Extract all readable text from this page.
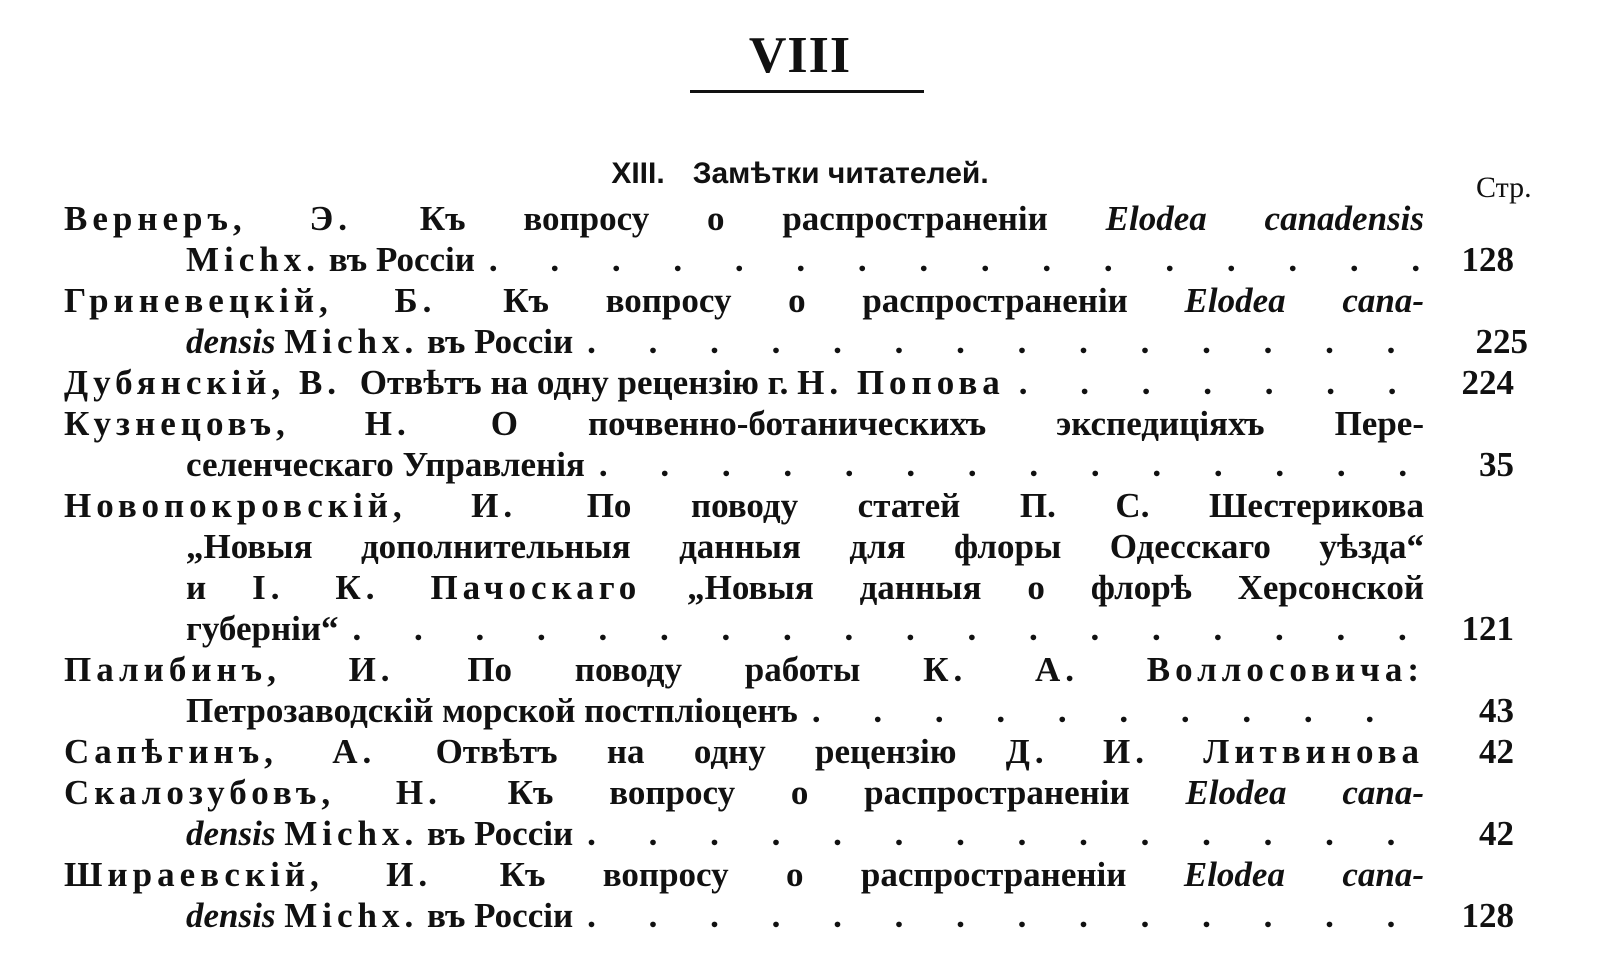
VIII
XIII. Замѣтки читателей.	Стр.
Вернеръ, Э. Къ вопросу о распространеніи Elodea canadensis
Michx. въ Россіи . . .	128
Гриневецкій, Б. Къ вопросу о распространеніи Elodea cana-
densis Michx. въ Россіи . . .	225
Дубянскій, В. Отвѣтъ на одну рецензію г. Н. Попова . . .	224
Кузнецовъ, Н. О почвенно-ботаническихъ экспедиціяхъ Пере-
селенческаго Управленія . . .	35
Новопокровскій, И. По поводу статей П. С. Шестерикова
„Новыя дополнительныя данныя для флоры Одесскаго уѣзда“
и І. К. Пачоскаго „Новыя данныя о флорѣ Херсонской
губерніи“ . . .	121
Палибинъ, И. По поводу работы К. А. Воллосовича:
Петрозаводскій морской постпліоценъ . . .	43
Сапѣгинъ, А. Отвѣтъ на одну рецензію Д. И. Литвинова	42
Скалозубовъ, Н. Къ вопросу о распространеніи Elodea cana-
densis Michx. въ Россіи . . .	42
Шираевскій, И. Къ вопросу о распространеніи Elodea cana-
densis Michx. въ Россіи . . .	128
